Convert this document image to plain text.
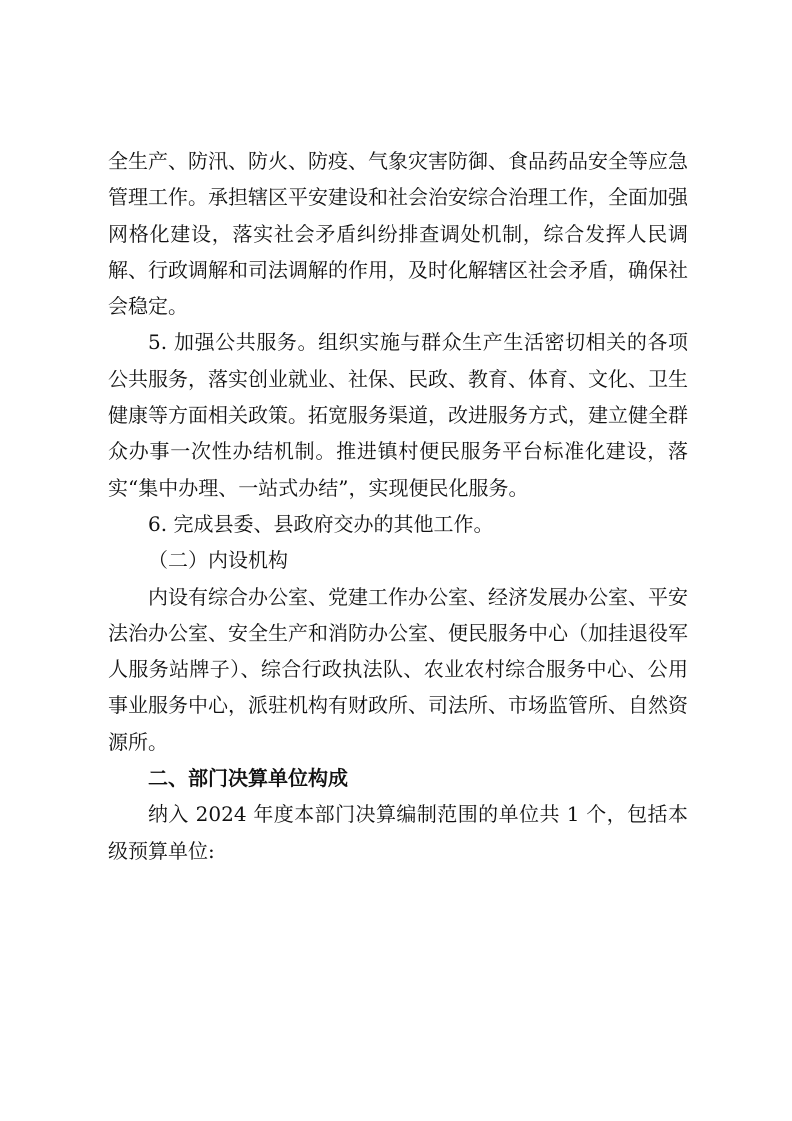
全生产、防汛、防火、防疫、气象灾害防御、食品药品安全等应急管理工作。承担辖区平安建设和社会治安综合治理工作，全面加强网格化建设，落实社会矛盾纠纷排查调处机制，综合发挥人民调解、行政调解和司法调解的作用，及时化解辖区社会矛盾，确保社会稳定。

5. 加强公共服务。组织实施与群众生产生活密切相关的各项公共服务，落实创业就业、社保、民政、教育、体育、文化、卫生健康等方面相关政策。拓宽服务渠道，改进服务方式，建立健全群众办事一次性办结机制。推进镇村便民服务平台标准化建设，落实“集中办理、一站式办结”，实现便民化服务。

6. 完成县委、县政府交办的其他工作。

（二）内设机构

内设有综合办公室、党建工作办公室、经济发展办公室、平安法治办公室、安全生产和消防办公室、便民服务中心（加挂退役军人服务站牌子）、综合行政执法队、农业农村综合服务中心、公用事业服务中心，派驻机构有财政所、司法所、市场监管所、自然资源所。

二、部门决算单位构成

纳入 2024 年度本部门决算编制范围的单位共 1 个，包括本级预算单位:
